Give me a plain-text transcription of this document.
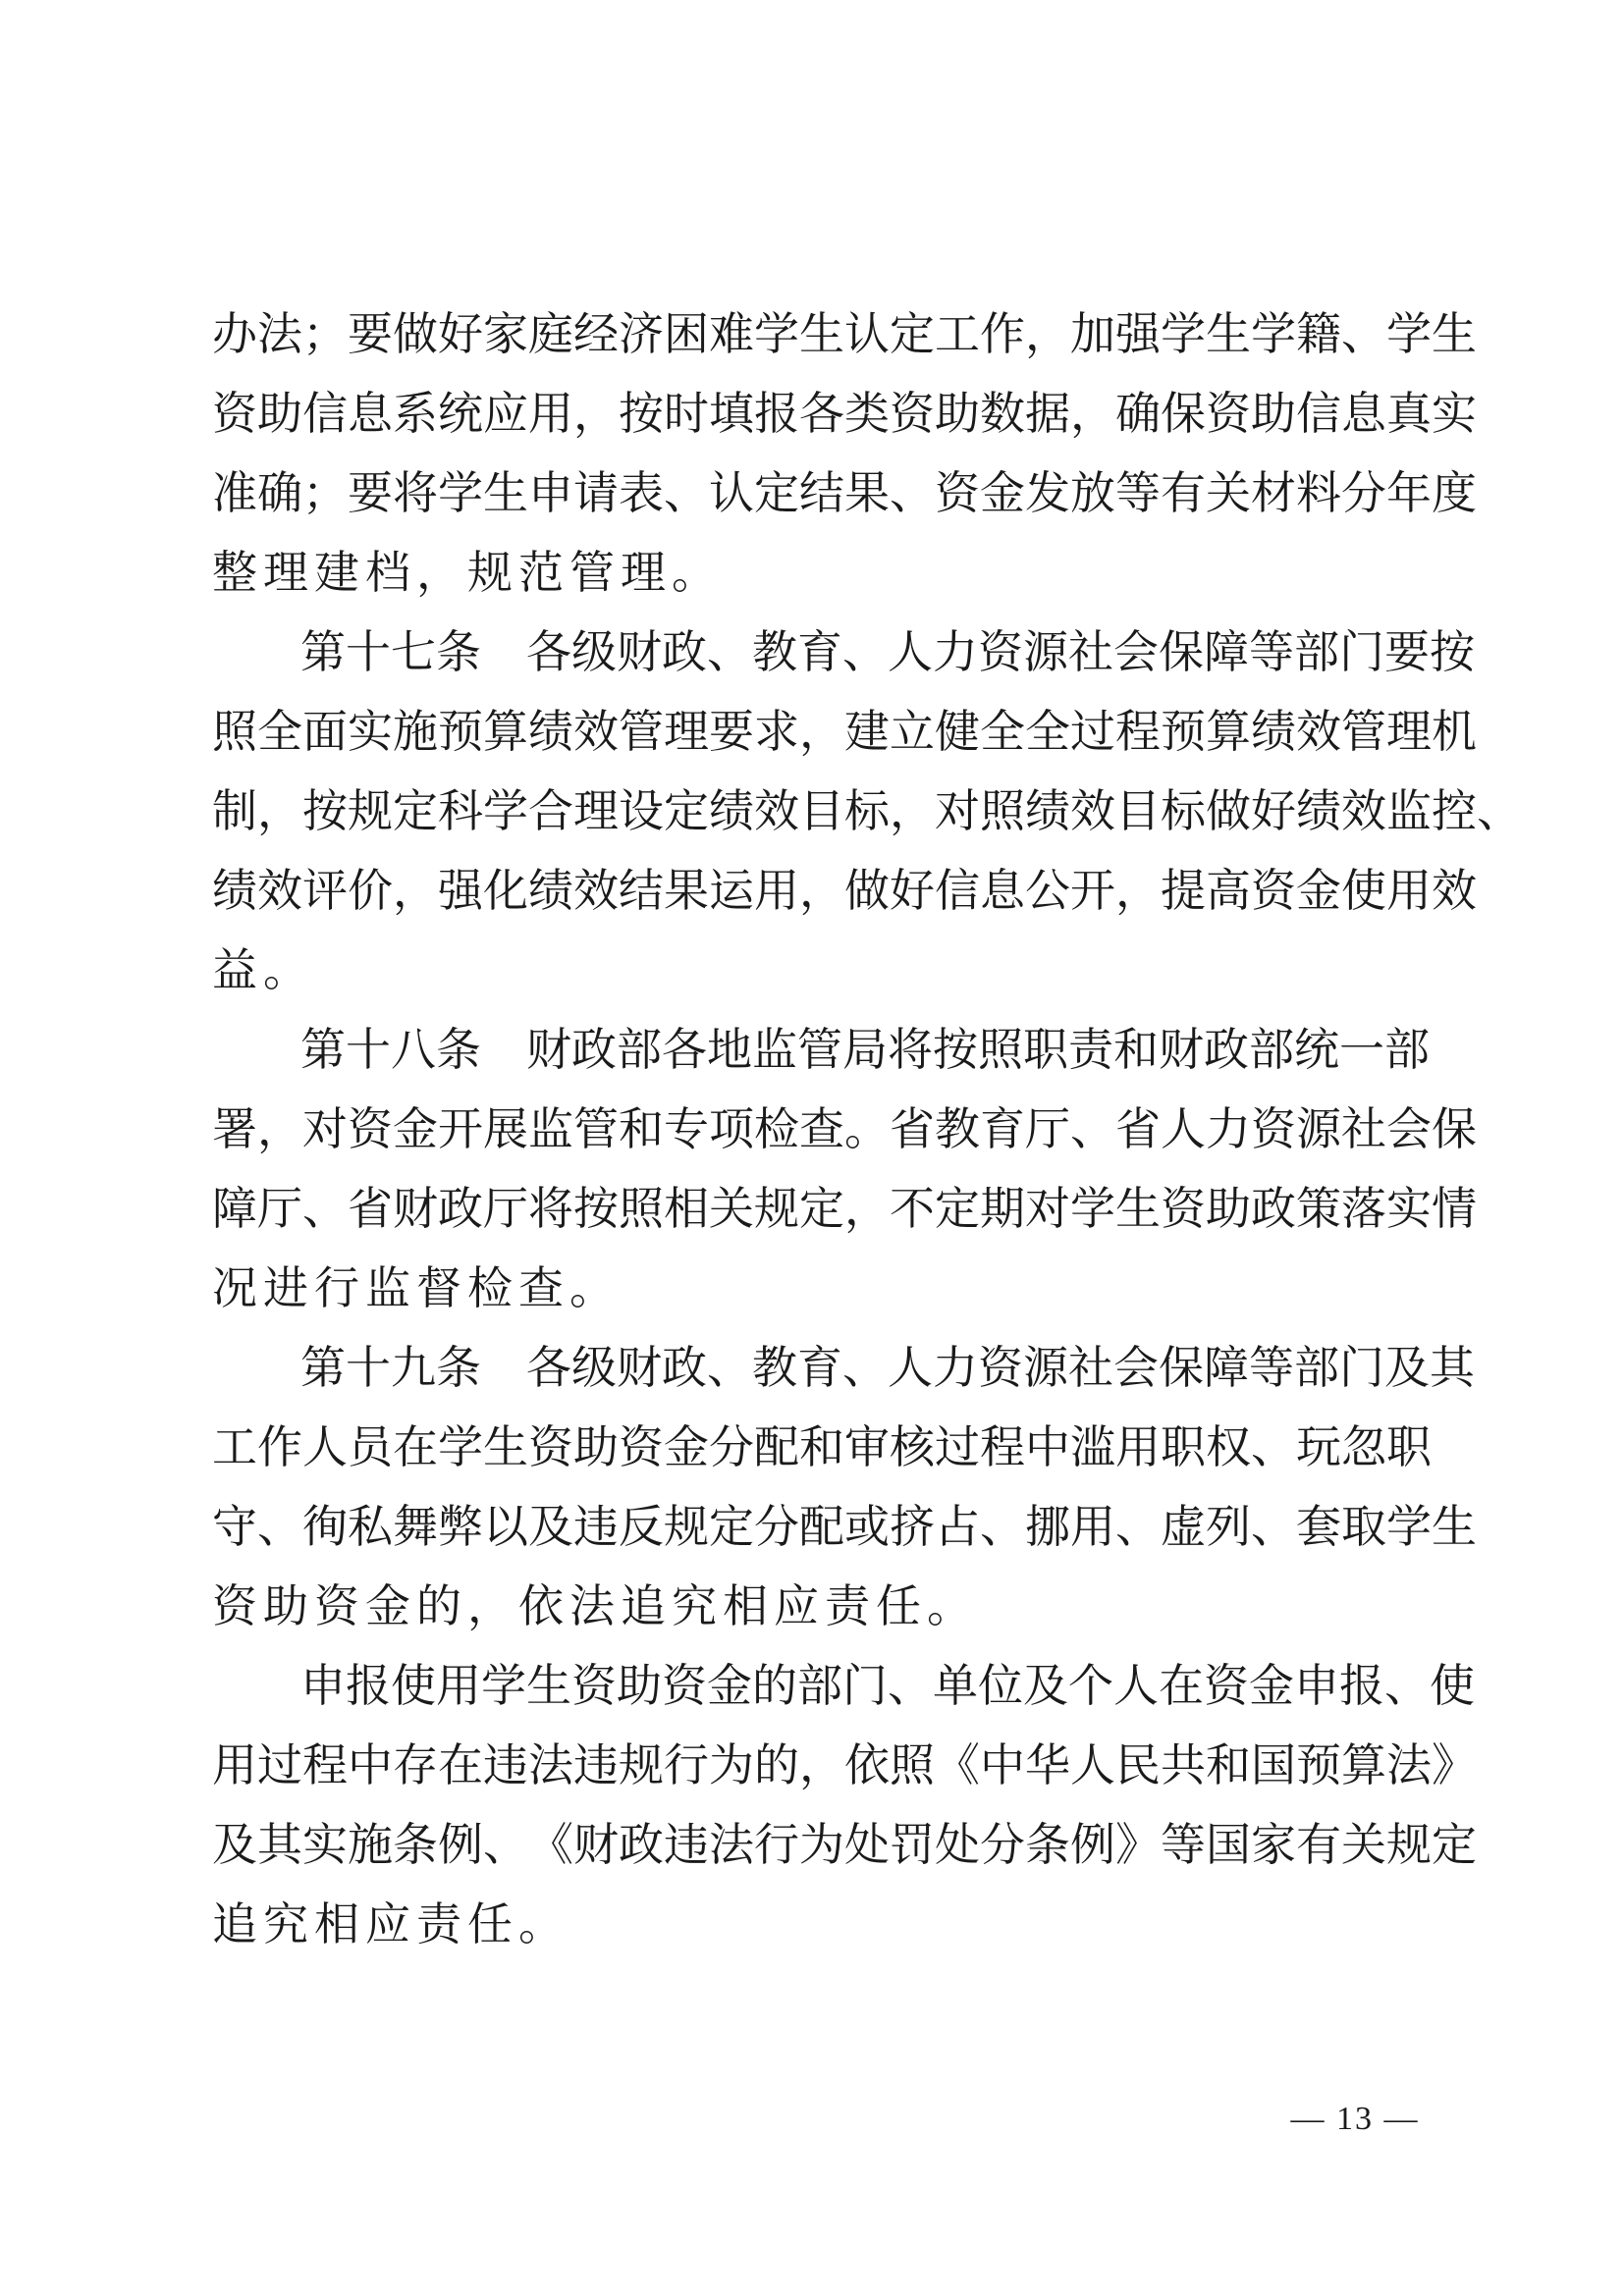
办 法 ； 要 做 好 家 庭 经 济 困 难 学 生 认 定 工 作 ， 加 强 学 生 学 籍 、 学 生
资 助 信 息 系 统 应 用 ， 按 时 填 报 各 类 资 助 数 据 ， 确 保 资 助 信 息 真 实
准 确 ； 要 将 学 生 申 请 表 、 认 定 结 果 、 资 金 发 放 等 有 关 材 料 分 年 度
整 理 建 档 ， 规 范 管 理 。
第 十 七 条
　 各 级 财 政 、 教 育 、 人 力 资 源 社 会 保 障 等 部 门 要 按
照 全 面 实 施 预 算 绩 效 管 理 要 求 ， 建 立 健 全 全 过 程 预 算 绩 效 管 理 机
制 ， 按 规 定 科 学 合 理 设 定 绩 效 目 标 ， 对 照 绩 效 目 标 做 好 绩 效 监 控 、
绩 效 评 价 ， 强 化 绩 效 结 果 运 用 ， 做 好 信 息 公 开 ， 提 高 资 金 使 用 效
益 。
第 十 八 条
　 财 政 部 各 地 监 管 局 将 按 照 职 责 和 财 政 部 统 一 部
署 ， 对 资 金 开 展 监 管 和 专 项 检 查 。 省 教 育 厅 、 省 人 力 资 源 社 会 保
障 厅 、 省 财 政 厅 将 按 照 相 关 规 定 ， 不 定 期 对 学 生 资 助 政 策 落 实 情
况 进 行 监 督 检 查 。
第 十 九 条
　 各 级 财 政 、 教 育 、 人 力 资 源 社 会 保 障 等 部 门 及 其
工 作 人 员 在 学 生 资 助 资 金 分 配 和 审 核 过 程 中 滥 用 职 权 、 玩 忽 职
守 、 徇 私 舞 弊 以 及 违 反 规 定 分 配 或 挤 占 、 挪 用 、 虚 列 、 套 取 学 生
资 助 资 金 的 ， 依 法 追 究 相 应 责 任 。
申 报 使 用 学 生 资 助 资 金 的 部 门 、 单 位 及 个 人 在 资 金 申 报 、 使
用 过 程 中 存 在 违 法 违 规 行 为 的 ， 依 照 《 中 华 人 民 共 和 国 预 算 法 》
及 其 实 施 条 例 、 《 财 政 违 法 行 为 处 罚 处 分 条 例 》 等 国 家 有 关 规 定
追 究 相 应 责 任 。
— 13 —
